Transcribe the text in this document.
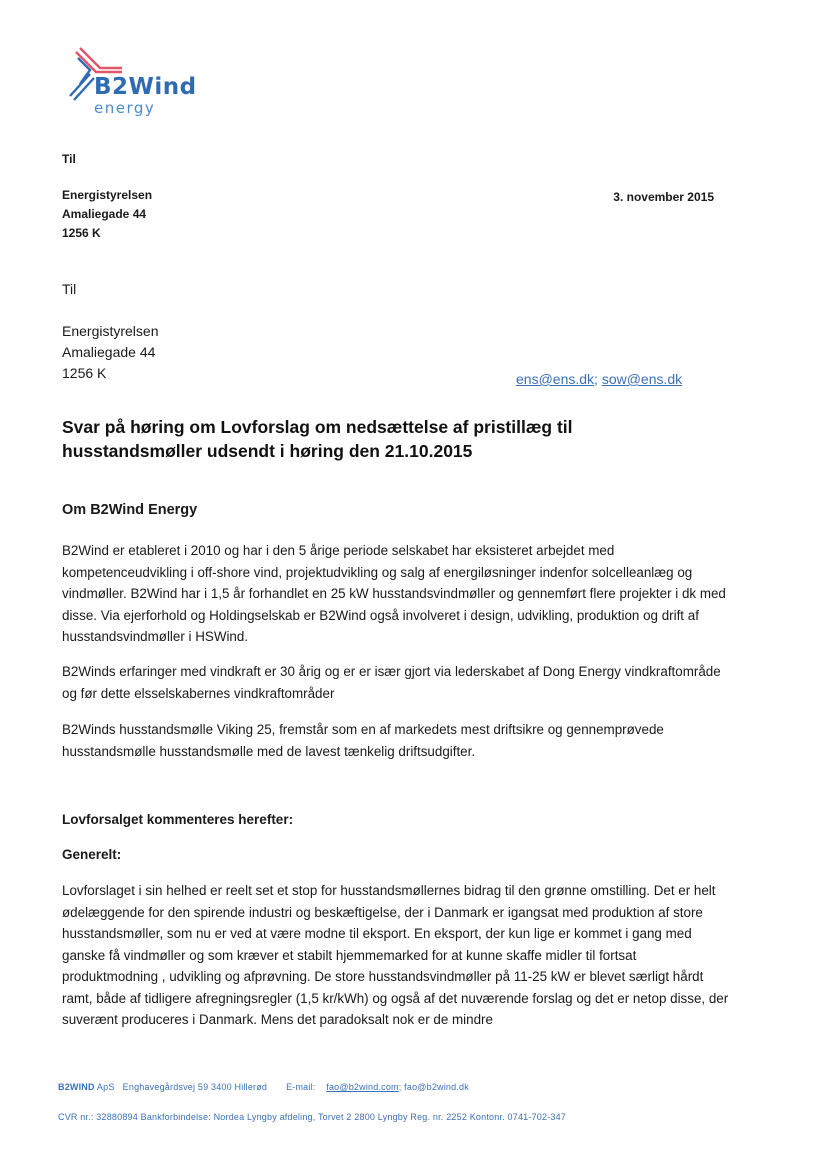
B2Wind
energy
Til
Energistyrelsen
Amaliegade 44
1256 K
3. november 2015
Til
Energistyrelsen
Amaliegade 44
1256 K	ens@ens.dk; sow@ens.dk
Svar på høring om Lovforslag om nedsættelse af pristillæg til husstandsmøller udsendt i høring den 21.10.2015
Om B2Wind Energy

B2Wind er etableret i 2010 og har i den 5 årige periode selskabet har eksisteret arbejdet med kompetenceudvikling i off-shore vind, projektudvikling og salg af energiløsninger indenfor solcelleanlæg og vindmøller. B2Wind har i 1,5 år forhandlet en 25 kW husstandsvindmøller og gennemført flere projekter i dk med disse. Via ejerforhold og Holdingselskab er B2Wind også involveret i design, udvikling, produktion og drift af husstandsvindmøller i HSWind.

B2Winds erfaringer med vindkraft er 30 årig og er er især gjort via lederskabet af Dong Energy vindkraftområde og før dette elsselskabernes vindkraftområder

B2Winds husstandsmølle Viking 25, fremstår som en af markedets mest driftsikre og gennemprøvede husstandsmølle husstandsmølle med de lavest tænkelig driftsudgifter.

Lovforsalget kommenteres herefter:
Generelt:

Lovforslaget i sin helhed er reelt set et stop for husstandsmøllernes bidrag til den grønne omstilling. Det er helt ødelæggende for den spirende industri og beskæftigelse, der i Danmark er igangsat med produktion af store husstandsmøller, som nu er ved at være modne til eksport. En eksport, der kun lige er kommet i gang med ganske få vindmøller og som kræver et stabilt hjemmemarked for at kunne skaffe midler til fortsat produktmodning , udvikling og afprøvning. De store husstandsvindmøller på 11-25 kW er blevet særligt hårdt ramt, både af tidligere afregningsregler (1,5 kr/kWh) og også af det nuværende forslag og det er netop disse, der suverænt produceres i Danmark. Mens det paradoksalt nok er de mindre

B2WIND ApS Enghavegårdsvej 59 3400 Hillerød E-mail: fao@b2wind.com; fao@b2wind.dk
CVR nr.: 32880894 Bankforbindelse: Nordea Lyngby afdeling, Torvet 2 2800 Lyngby Reg. nr. 2252 Kontonr. 0741-702-347
